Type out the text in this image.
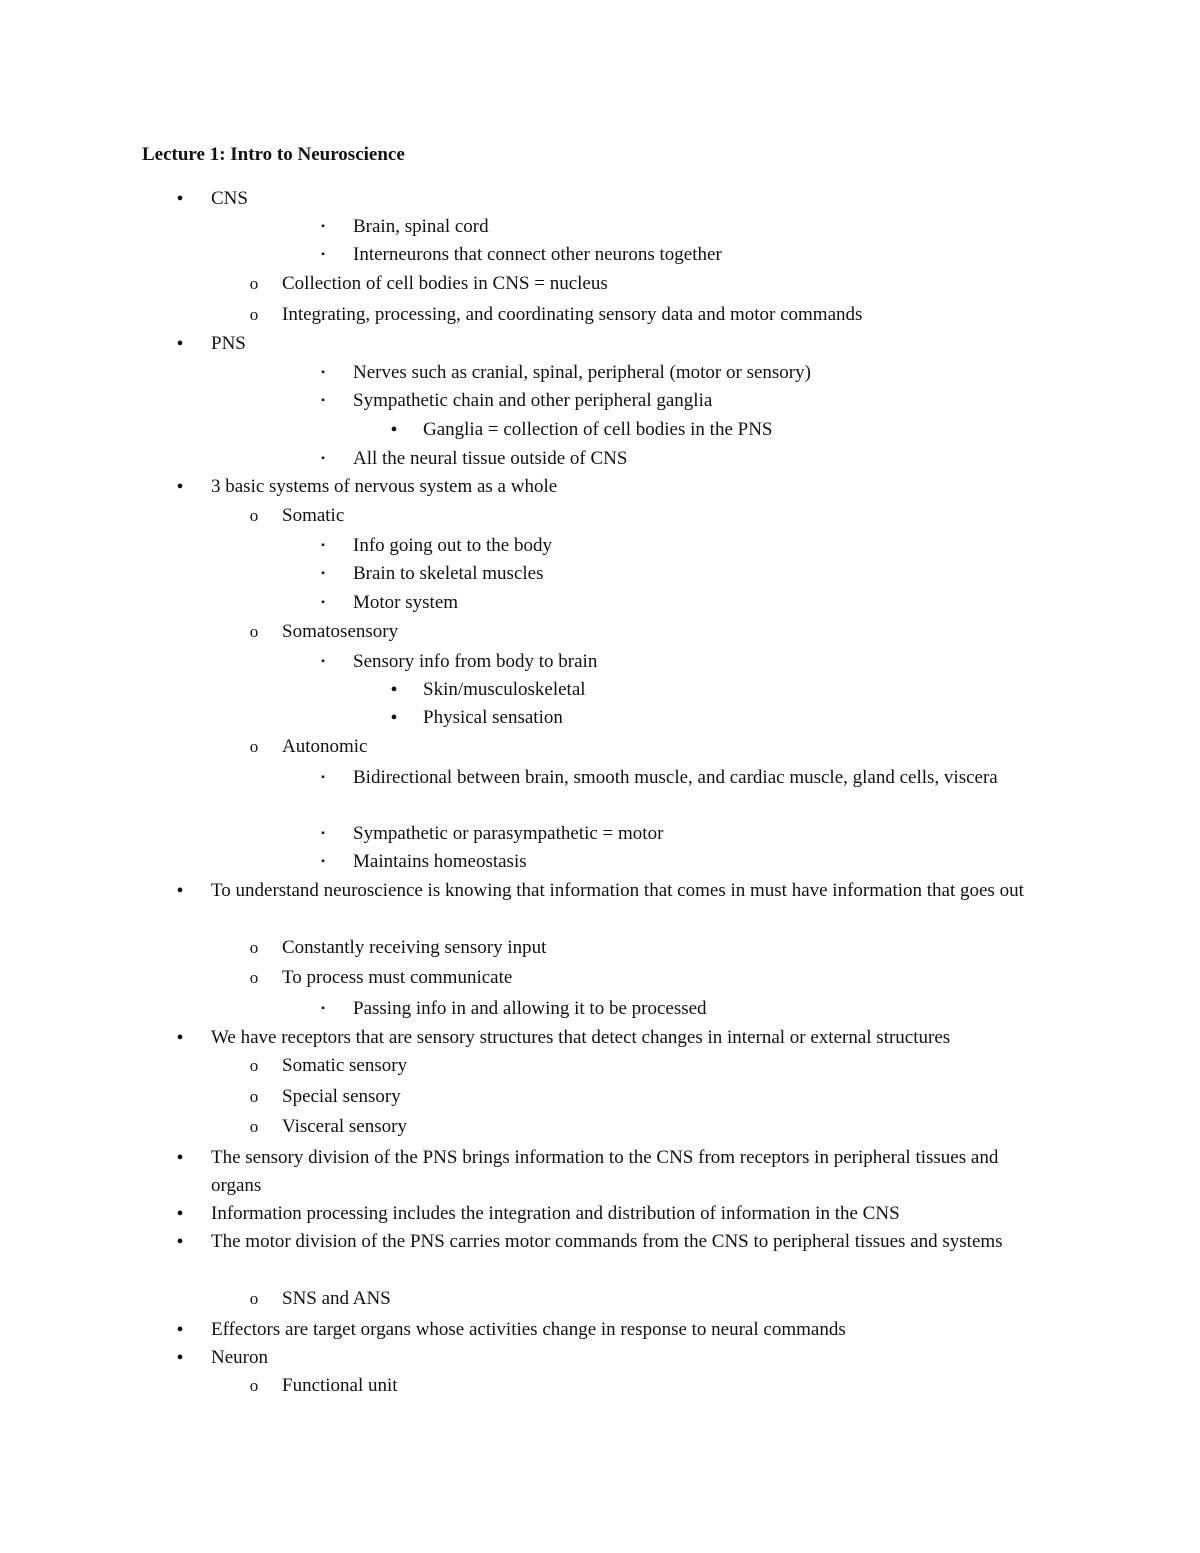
Lecture 1: Intro to Neuroscience
•	CNS
▪	Brain, spinal cord
▪	Interneurons that connect other neurons together
o	Collection of cell bodies in CNS = nucleus
o	Integrating, processing, and coordinating sensory data and motor commands
•	PNS
▪	Nerves such as cranial, spinal, peripheral (motor or sensory)
▪	Sympathetic chain and other peripheral ganglia
•	Ganglia = collection of cell bodies in the PNS
▪	All the neural tissue outside of CNS
•	3 basic systems of nervous system as a whole
o	Somatic
▪	Info going out to the body
▪	Brain to skeletal muscles
▪	Motor system
o	Somatosensory
▪	Sensory info from body to brain
•	Skin/musculoskeletal
•	Physical sensation
o	Autonomic
▪	Bidirectional between brain, smooth muscle, and cardiac muscle, gland cells, viscera
▪	Sympathetic or parasympathetic = motor
▪	Maintains homeostasis
•	To understand neuroscience is knowing that information that comes in must have information that goes out
o	Constantly receiving sensory input
o	To process must communicate
▪	Passing info in and allowing it to be processed
•	We have receptors that are sensory structures that detect changes in internal or external structures
o	Somatic sensory
o	Special sensory
o	Visceral sensory
•	The sensory division of the PNS brings information to the CNS from receptors in peripheral tissues and organs
•	Information processing includes the integration and distribution of information in the CNS
•	The motor division of the PNS carries motor commands from the CNS to peripheral tissues and systems
o	SNS and ANS
•	Effectors are target organs whose activities change in response to neural commands
•	Neuron
o	Functional unit
